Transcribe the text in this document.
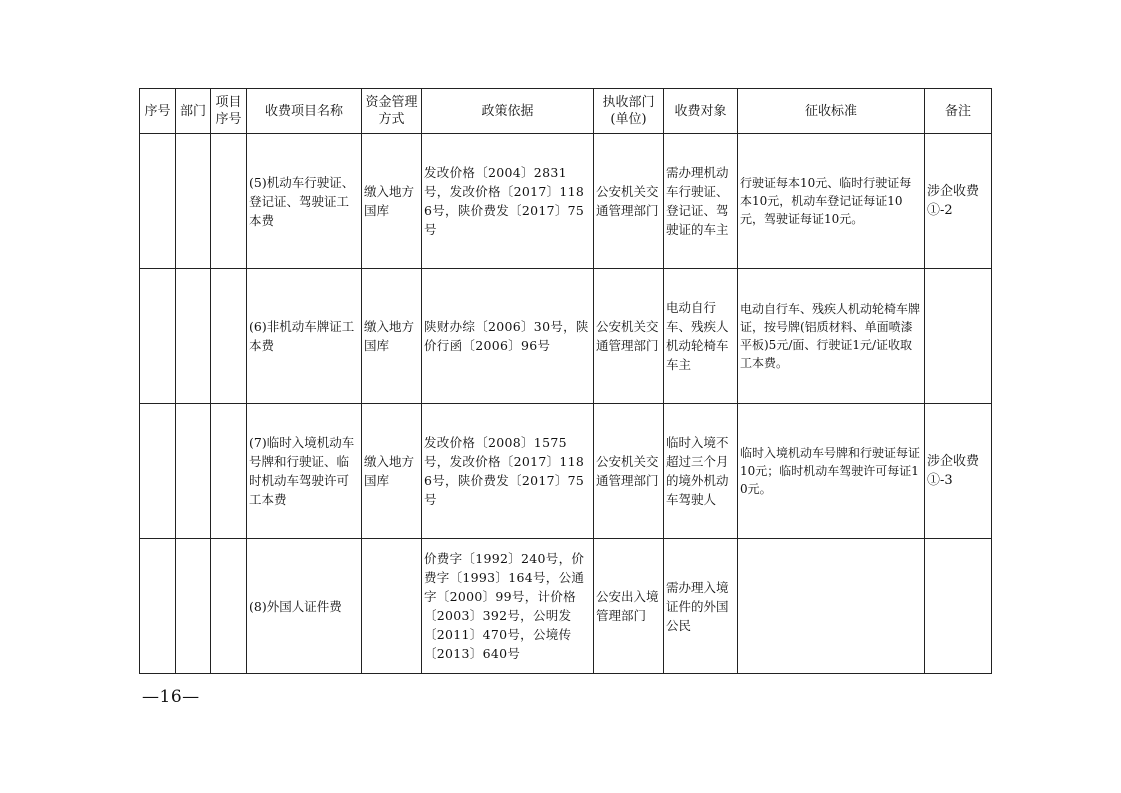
序号	部门	项目序号	收费项目名称	资金管理方式	政策依据	执收部门(单位)	收费对象	征收标准	备注
			(5)机动车行驶证、登记证、驾驶证工本费	缴入地方国库	发改价格〔2004〕2831号，发改价格〔2017〕1186号，陕价费发〔2017〕75号	公安机关交通管理部门	需办理机动车行驶证、登记证、驾驶证的车主	行驶证每本10元、临时行驶证每本10元，机动车登记证每证10元，驾驶证每证10元。	涉企收费①-2
			(6)非机动车牌证工本费	缴入地方国库	陕财办综〔2006〕30号，陕价行函〔2006〕96号	公安机关交通管理部门	电动自行车、残疾人机动轮椅车车主	电动自行车、残疾人机动轮椅车牌证，按号牌(铝质材料、单面喷漆平板)5元/面、行驶证1元/证收取工本费。	
			(7)临时入境机动车号牌和行驶证、临时机动车驾驶许可工本费	缴入地方国库	发改价格〔2008〕1575号，发改价格〔2017〕1186号，陕价费发〔2017〕75号	公安机关交通管理部门	临时入境不超过三个月的境外机动车驾驶人	临时入境机动车号牌和行驶证每证10元；临时机动车驾驶许可每证10元。	涉企收费①-3
			(8)外国人证件费		价费字〔1992〕240号，价费字〔1993〕164号，公通字〔2000〕99号，计价格〔2003〕392号，公明发〔2011〕470号，公境传〔2013〕640号	公安出入境管理部门	需办理入境证件的外国公民		
—16—
